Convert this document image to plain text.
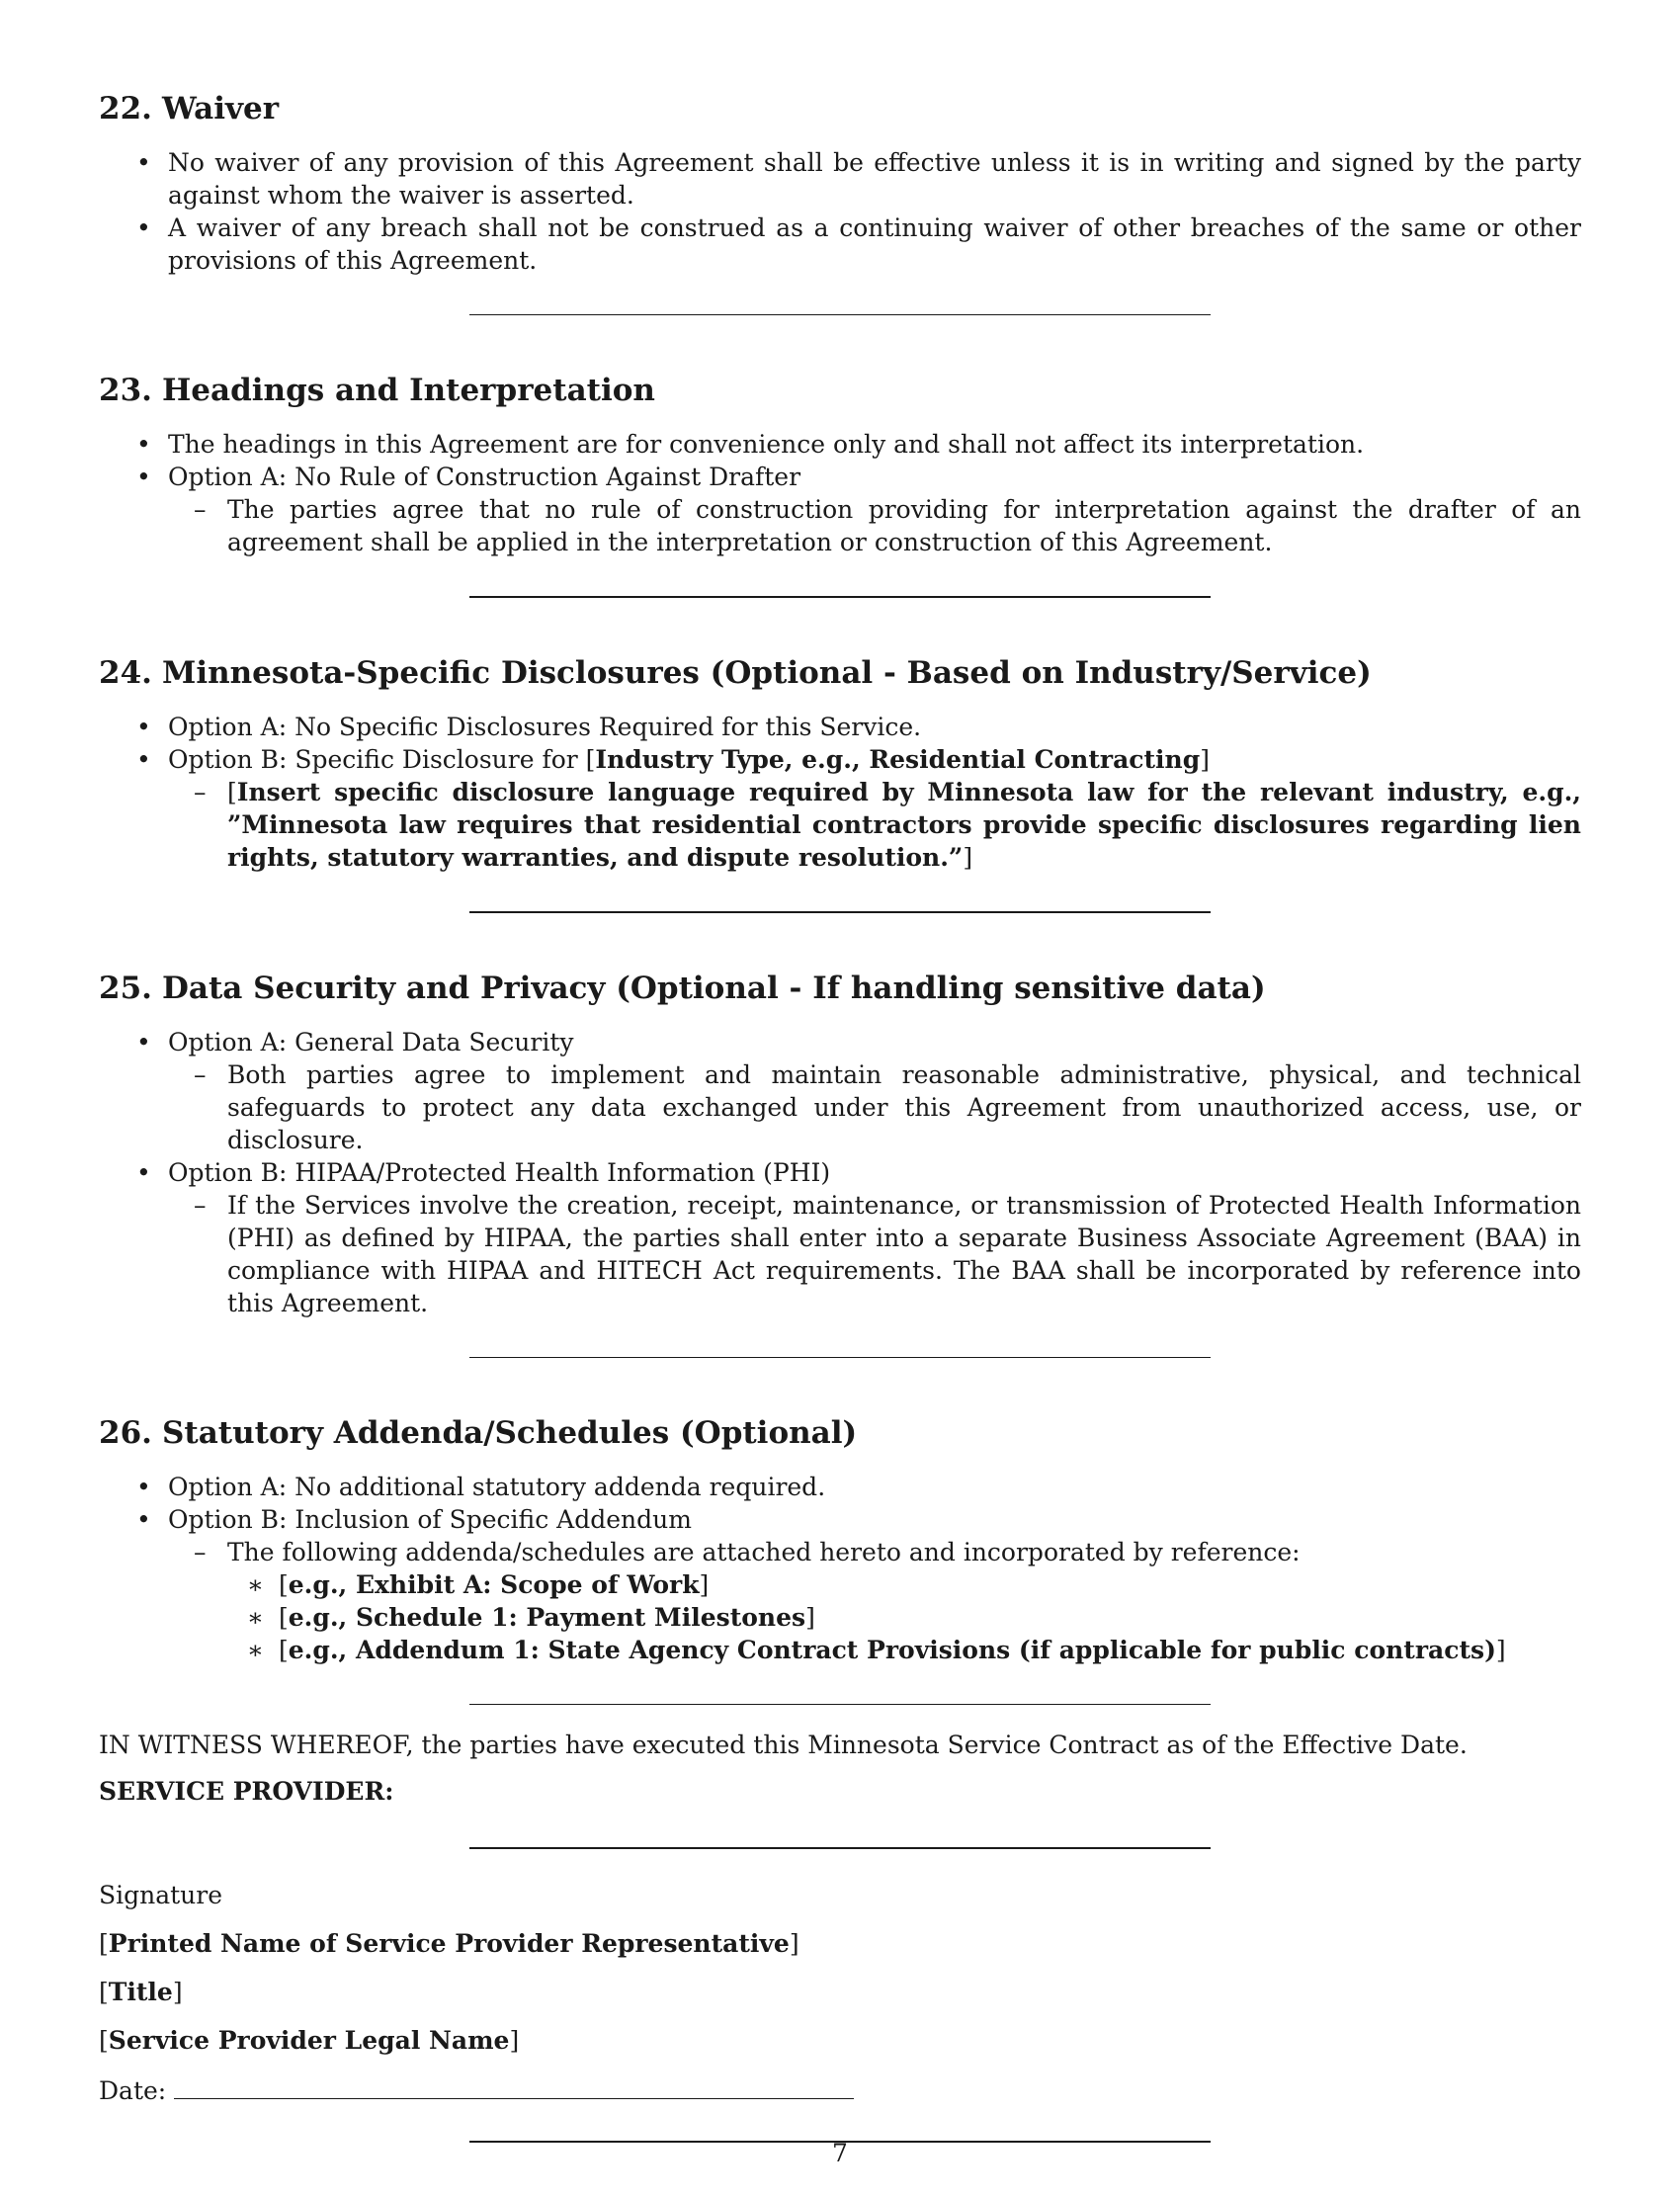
22. Waiver
• No waiver of any provision of this Agreement shall be effective unless it is in writing and signed by the party against whom the waiver is asserted.
• A waiver of any breach shall not be construed as a continuing waiver of other breaches of the same or other provisions of this Agreement.
23. Headings and Interpretation
• The headings in this Agreement are for convenience only and shall not affect its interpretation.
• Option A: No Rule of Construction Against Drafter
– The parties agree that no rule of construction providing for interpretation against the drafter of an agreement shall be applied in the interpretation or construction of this Agreement.
24. Minnesota-Specific Disclosures (Optional - Based on Industry/Service)
• Option A: No Specific Disclosures Required for this Service.
• Option B: Specific Disclosure for [Industry Type, e.g., Residential Contracting]
– [Insert specific disclosure language required by Minnesota law for the relevant industry, e.g., ”Minnesota law requires that residential contractors provide specific disclosures regarding lien rights, statutory warranties, and dispute resolution.”]
25. Data Security and Privacy (Optional - If handling sensitive data)
• Option A: General Data Security
– Both parties agree to implement and maintain reasonable administrative, physical, and technical safeguards to protect any data exchanged under this Agreement from unauthorized access, use, or disclosure.
• Option B: HIPAA/Protected Health Information (PHI)
– If the Services involve the creation, receipt, maintenance, or transmission of Protected Health Information (PHI) as defined by HIPAA, the parties shall enter into a separate Business Associate Agreement (BAA) in compliance with HIPAA and HITECH Act requirements. The BAA shall be incorporated by reference into this Agreement.
26. Statutory Addenda/Schedules (Optional)
• Option A: No additional statutory addenda required.
• Option B: Inclusion of Specific Addendum
– The following addenda/schedules are attached hereto and incorporated by reference:
∗ [e.g., Exhibit A: Scope of Work]
∗ [e.g., Schedule 1: Payment Milestones]
∗ [e.g., Addendum 1: State Agency Contract Provisions (if applicable for public contracts)]

IN WITNESS WHEREOF, the parties have executed this Minnesota Service Contract as of the Effective Date.

SERVICE PROVIDER:

Signature

[Printed Name of Service Provider Representative]

[Title]

[Service Provider Legal Name]

Date:

7
